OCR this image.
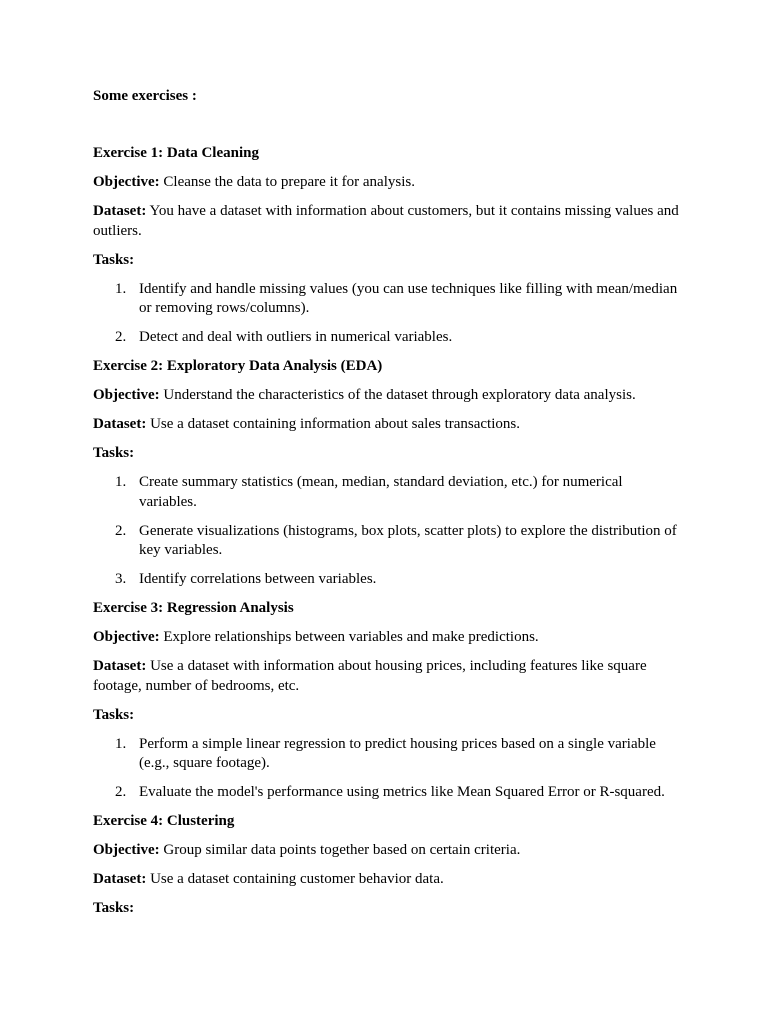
Some exercises :

Exercise 1: Data Cleaning

Objective: Cleanse the data to prepare it for analysis.

Dataset: You have a dataset with information about customers, but it contains missing values and outliers.

Tasks:

1. Identify and handle missing values (you can use techniques like filling with mean/median or removing rows/columns).
2. Detect and deal with outliers in numerical variables.

Exercise 2: Exploratory Data Analysis (EDA)

Objective: Understand the characteristics of the dataset through exploratory data analysis.

Dataset: Use a dataset containing information about sales transactions.

Tasks:

1. Create summary statistics (mean, median, standard deviation, etc.) for numerical variables.
2. Generate visualizations (histograms, box plots, scatter plots) to explore the distribution of key variables.
3. Identify correlations between variables.

Exercise 3: Regression Analysis

Objective: Explore relationships between variables and make predictions.

Dataset: Use a dataset with information about housing prices, including features like square footage, number of bedrooms, etc.

Tasks:

1. Perform a simple linear regression to predict housing prices based on a single variable (e.g., square footage).
2. Evaluate the model's performance using metrics like Mean Squared Error or R-squared.

Exercise 4: Clustering

Objective: Group similar data points together based on certain criteria.

Dataset: Use a dataset containing customer behavior data.

Tasks:
